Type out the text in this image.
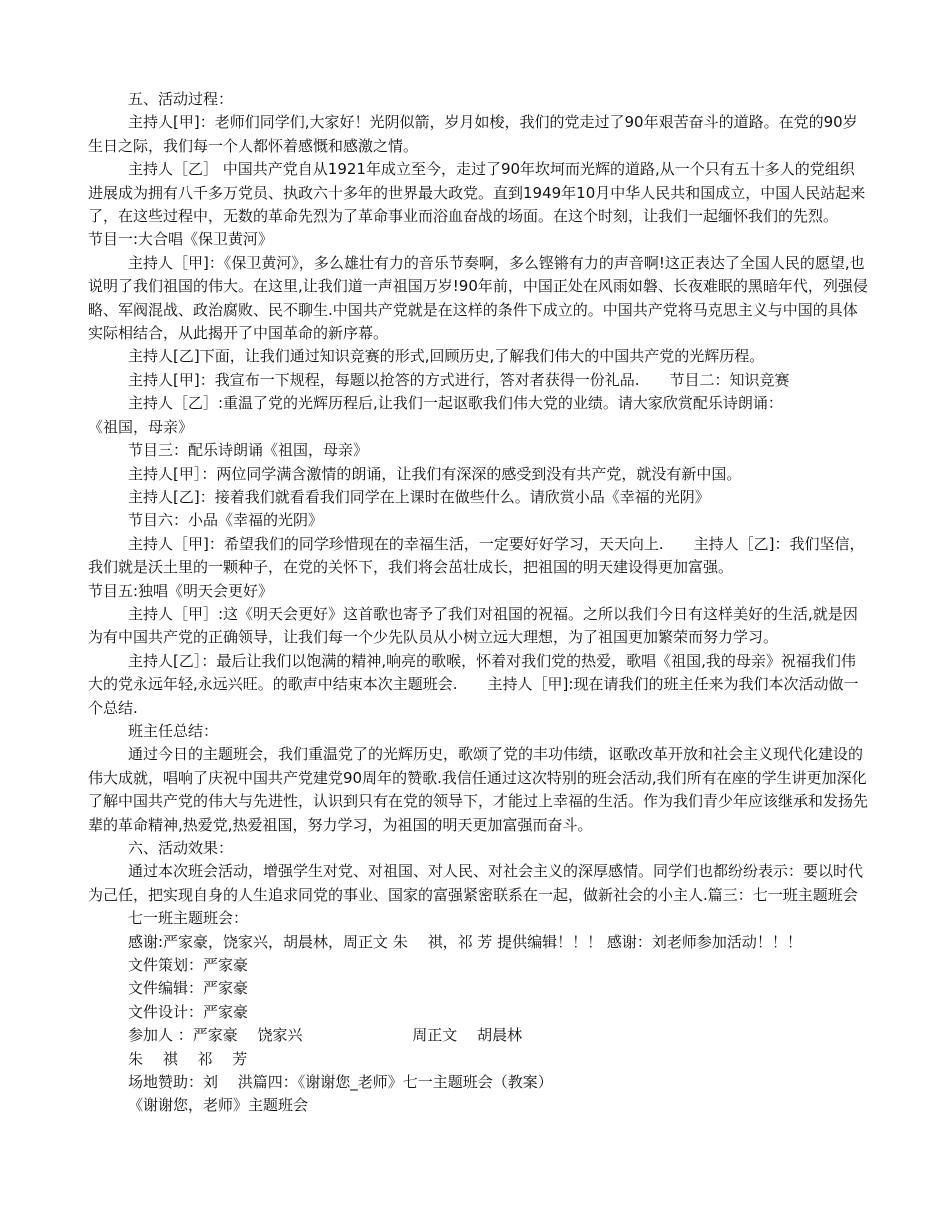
五、活动过程：

主持人[甲]：老师们同学们,大家好！光阴似箭，岁月如梭，我们的党走过了90年艰苦奋斗的道路。在党的90岁生日之际，我们每一个人都怀着感慨和感激之情。

主持人［乙］ 中国共产党自从1921年成立至今，走过了90年坎坷而光辉的道路,从一个只有五十多人的党组织进展成为拥有八千多万党员、执政六十多年的世界最大政党。直到1949年10月中华人民共和国成立，中国人民站起来了，在这些过程中，无数的革命先烈为了革命事业而浴血奋战的场面。在这个时刻，让我们一起缅怀我们的先烈。　　节目一:大合唱《保卫黄河》

主持人［甲]：《保卫黄河》，多么雄壮有力的音乐节奏啊，多么铿锵有力的声音啊!这正表达了全国人民的愿望,也说明了我们祖国的伟大。在这里,让我们道一声祖国万岁!90年前，中国正处在风雨如磐、长夜难眠的黑暗年代，列强侵略、军阀混战、政治腐败、民不聊生.中国共产党就是在这样的条件下成立的。中国共产党将马克思主义与中国的具体实际相结合，从此揭开了中国革命的新序幕。

主持人[乙]下面，让我们通过知识竞赛的形式,回顾历史,了解我们伟大的中国共产党的光辉历程。

主持人[甲]：我宣布一下规程，每题以抢答的方式进行，答对者获得一份礼品.　　节目二：知识竞赛

主持人［乙］:重温了党的光辉历程后,让我们一起讴歌我们伟大党的业绩。请大家欣赏配乐诗朗诵：

《祖国，母亲》

节目三：配乐诗朗诵《祖国，母亲》

主持人[甲］：两位同学满含激情的朗诵，让我们有深深的感受到没有共产党，就没有新中国。

主持人[乙]：接着我们就看看我们同学在上课时在做些什么。请欣赏小品《幸福的光阴》

节目六：小品《幸福的光阴》

主持人［甲]：希望我们的同学珍惜现在的幸福生活，一定要好好学习，天天向上.　　主持人［乙]：我们坚信，我们就是沃土里的一颗种子，在党的关怀下，我们将会茁壮成长，把祖国的明天建设得更加富强。

节目五:独唱《明天会更好》

主持人［甲］:这《明天会更好》这首歌也寄予了我们对祖国的祝福。之所以我们今日有这样美好的生活,就是因为有中国共产党的正确领导，让我们每一个少先队员从小树立远大理想，为了祖国更加繁荣而努力学习。

主持人[乙］：最后让我们以饱满的精神,响亮的歌喉，怀着对我们党的热爱，歌唱《祖国,我的母亲》祝福我们伟大的党永远年轻,永远兴旺。的歌声中结束本次主题班会.　　主持人［甲]:现在请我们的班主任来为我们本次活动做一个总结.

班主任总结：

通过今日的主题班会，我们重温党了的光辉历史，歌颂了党的丰功伟绩，讴歌改革开放和社会主义现代化建设的伟大成就，唱响了庆祝中国共产党建党90周年的赞歌.我信任通过这次特别的班会活动,我们所有在座的学生讲更加深化了解中国共产党的伟大与先进性，认识到只有在党的领导下，才能过上幸福的生活。作为我们青少年应该继承和发扬先辈的革命精神,热爱党,热爱祖国，努力学习，为祖国的明天更加富强而奋斗。

六、活动效果：

通过本次班会活动，增强学生对党、对祖国、对人民、对社会主义的深厚感情。同学们也都纷纷表示：要以时代为己任，把实现自身的人生追求同党的事业、国家的富强紧密联系在一起，做新社会的小主人.篇三：七一班主题班会

七一班主题班会：

感谢:严家豪，饶家兴，胡晨林，周正文 朱　 祺，祁 芳 提供编辑！！！ 感谢：刘老师参加活动！！！

文件策划：严家豪

文件编辑：严家豪

文件设计：严家豪

参加人 ：严家豪　 饶家兴　　　　　　　 周正文　 胡晨林

朱　 祺　 祁　 芳

场地赞助：刘　 洪篇四：《谢谢您_老师》七一主题班会（教案）

《谢谢您，老师》主题班会
